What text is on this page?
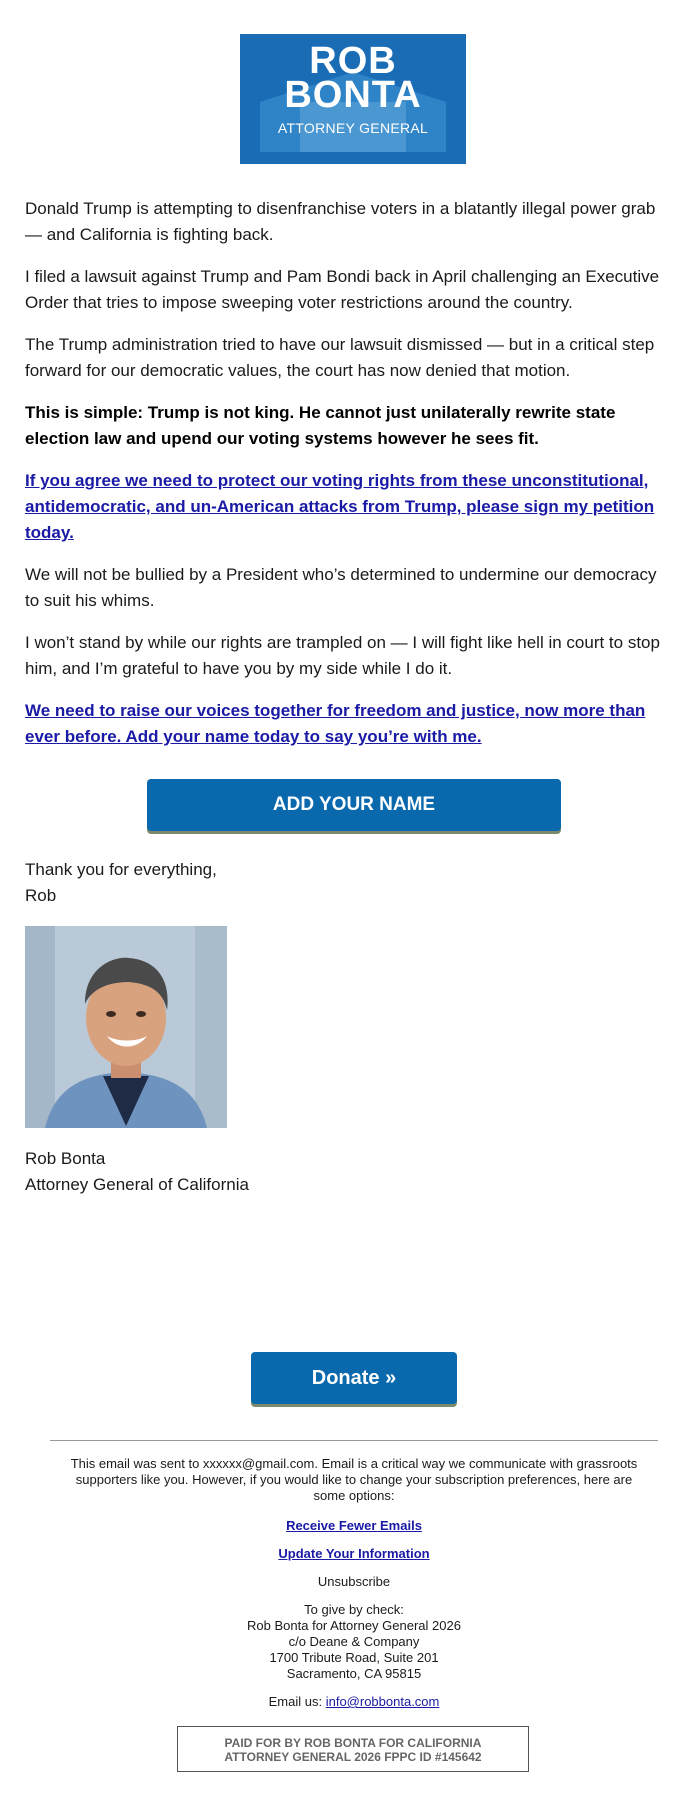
ROB
BONTA
ATTORNEY GENERAL

Donald Trump is attempting to disenfranchise voters in a blatantly illegal power grab — and California is fighting back.

I filed a lawsuit against Trump and Pam Bondi back in April challenging an Executive Order that tries to impose sweeping voter restrictions around the country.

The Trump administration tried to have our lawsuit dismissed — but in a critical step forward for our democratic values, the court has now denied that motion.

This is simple: Trump is not king. He cannot just unilaterally rewrite state election law and upend our voting systems however he sees fit.

If you agree we need to protect our voting rights from these unconstitutional, antidemocratic, and un-American attacks from Trump, please sign my petition today.

We will not be bullied by a President who’s determined to undermine our democracy to suit his whims.

I won’t stand by while our rights are trampled on — I will fight like hell in court to stop him, and I’m grateful to have you by my side while I do it.

We need to raise our voices together for freedom and justice, now more than ever before. Add your name today to say you’re with me.

ADD YOUR NAME
Thank you for everything,
Rob
Rob Bonta
Attorney General of California
Donate »

This email was sent to xxxxxx@gmail.com. Email is a critical way we communicate with grassroots supporters like you. However, if you would like to change your subscription preferences, here are some options:

Receive Fewer Emails
Update Your Information
Unsubscribe
To give by check:
Rob Bonta for Attorney General 2026
c/o Deane & Company
1700 Tribute Road, Suite 201
Sacramento, CA 95815
Email us: info@robbonta.com
PAID FOR BY ROB BONTA FOR CALIFORNIA
ATTORNEY GENERAL 2026 FPPC ID #145642
